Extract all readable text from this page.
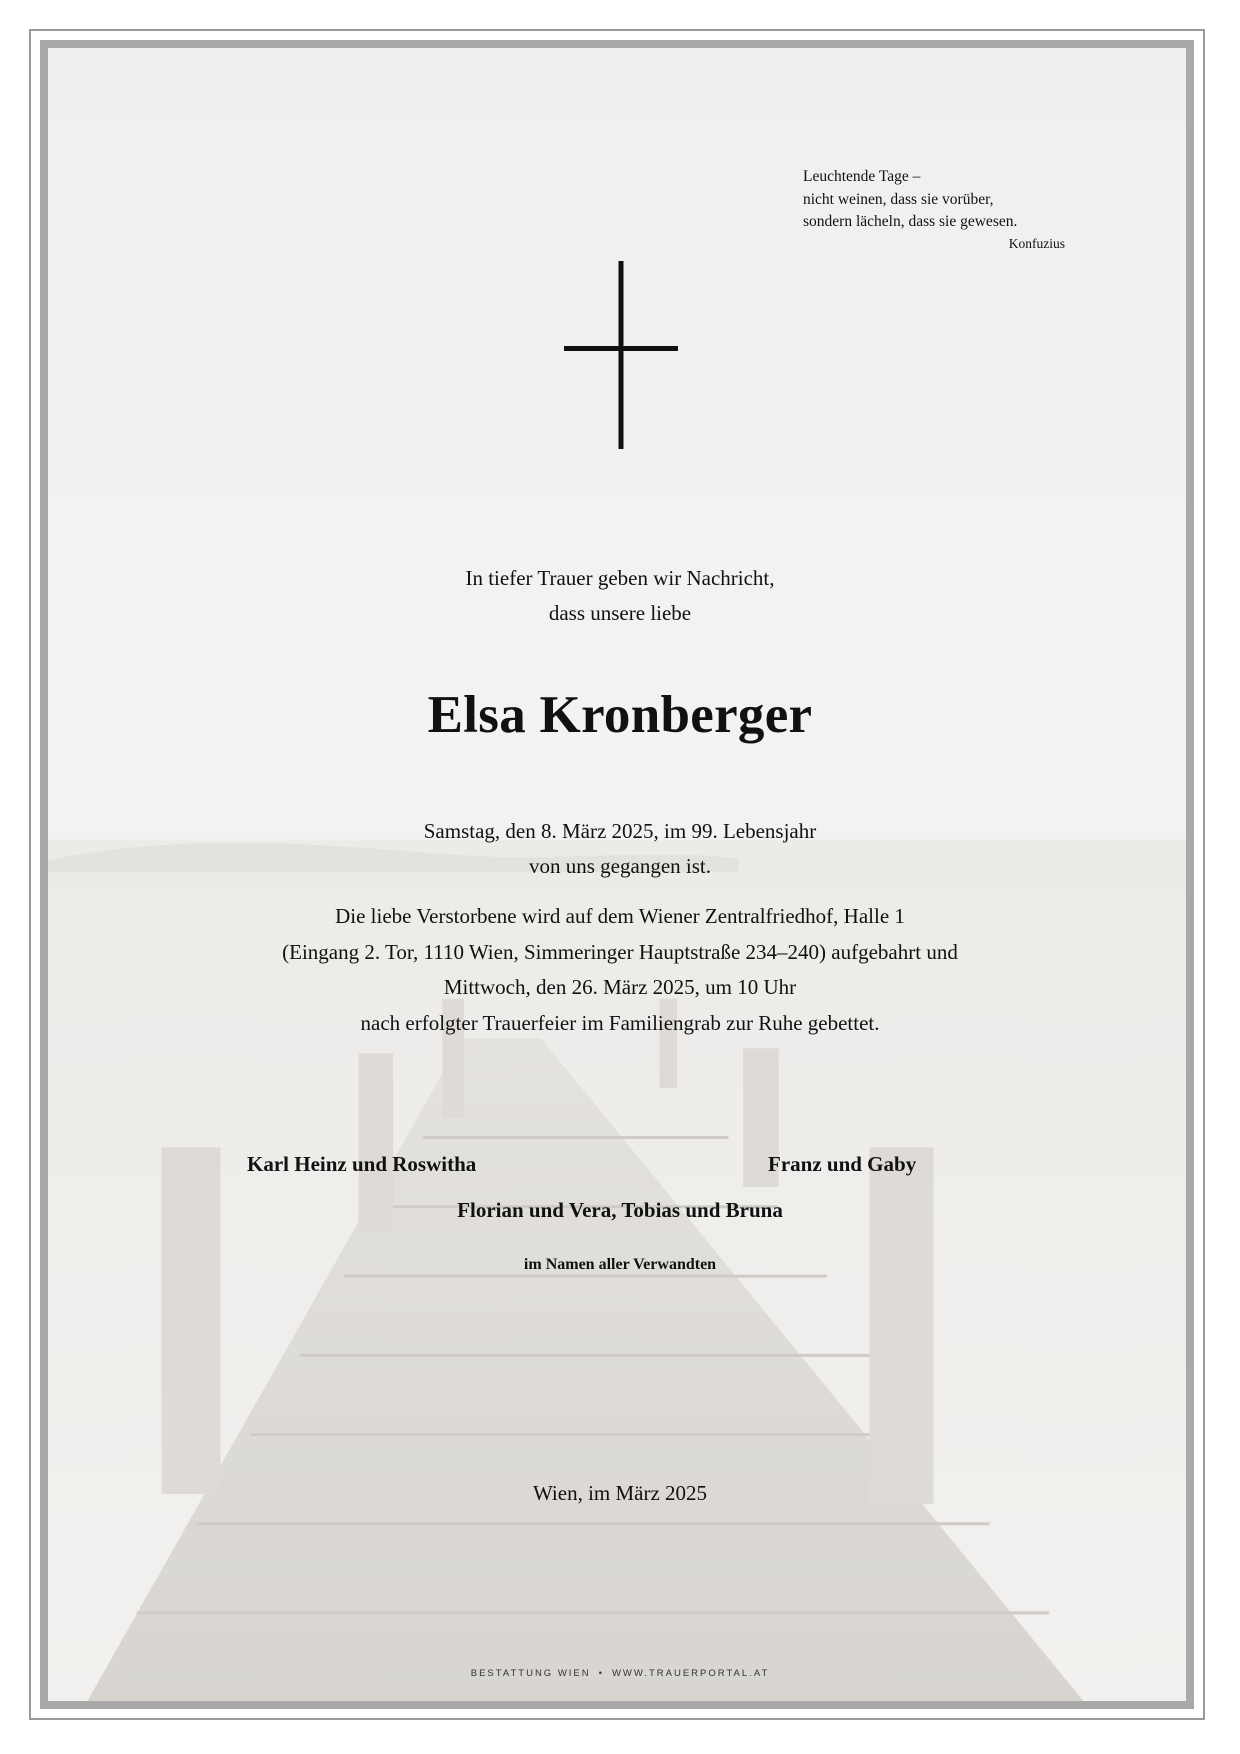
Leuchtende Tage –
nicht weinen, dass sie vorüber,
sondern lächeln, dass sie gewesen.
Konfuzius
In tiefer Trauer geben wir Nachricht,
dass unsere liebe
Elsa Kronberger
Samstag, den 8. März 2025, im 99. Lebensjahr
von uns gegangen ist.
Die liebe Verstorbene wird auf dem Wiener Zentralfriedhof, Halle 1
(Eingang 2. Tor, 1110 Wien, Simmeringer Hauptstraße 234–240) aufgebahrt und
Mittwoch, den 26. März 2025, um 10 Uhr
nach erfolgter Trauerfeier im Familiengrab zur Ruhe gebettet.
Karl Heinz und Roswitha	Franz und Gaby
Florian und Vera, Tobias und Bruna
im Namen aller Verwandten
Wien, im März 2025
BESTATTUNG WIEN • WWW.TRAUERPORTAL.AT
